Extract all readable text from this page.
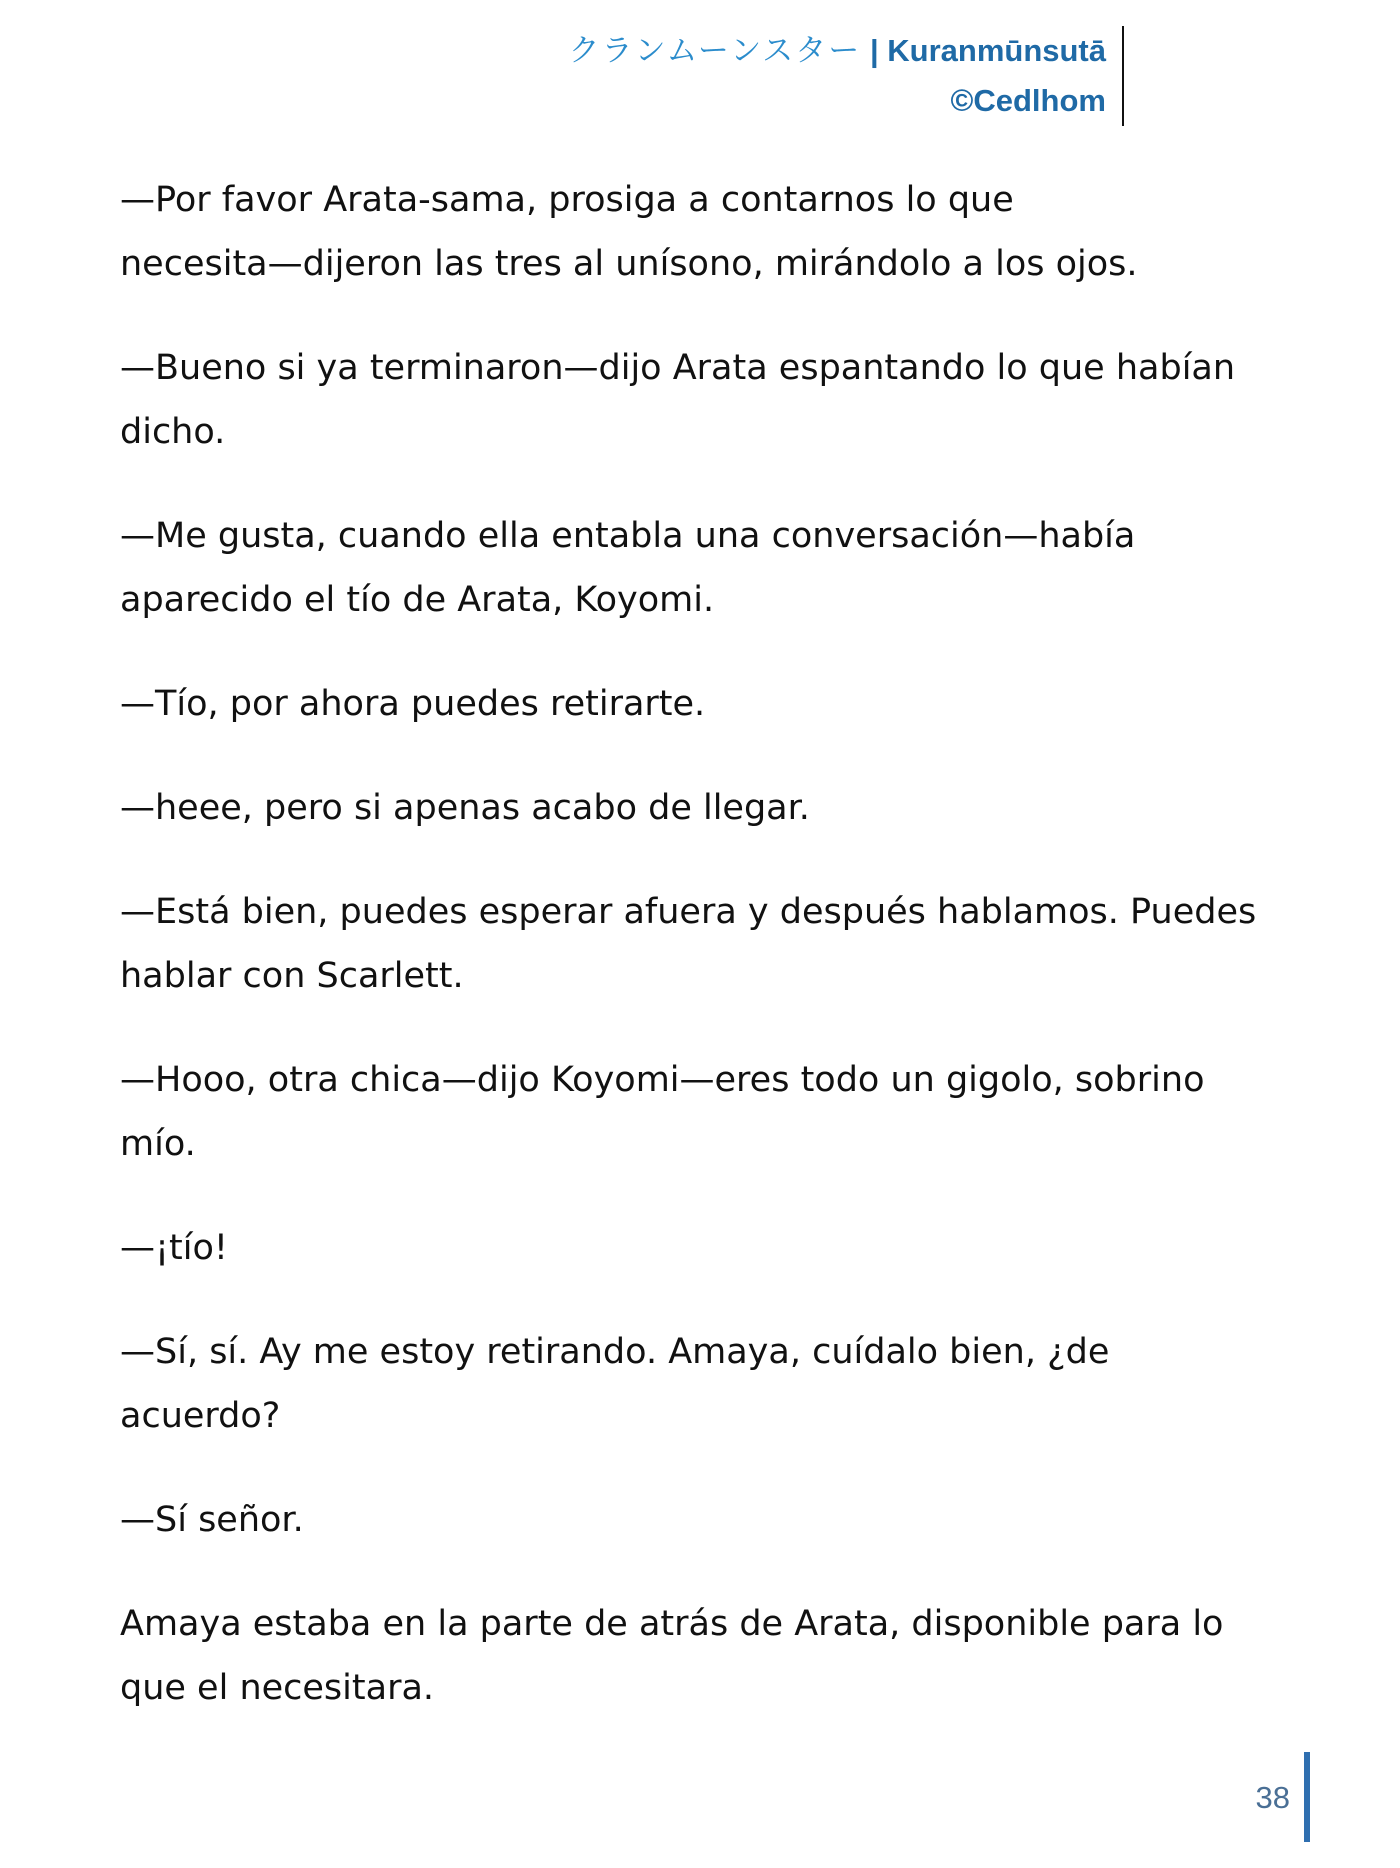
クランムーンスター | Kuranmūnsutā
©Cedlhom

—Por favor Arata-sama, prosiga a contarnos lo que
necesita—dijeron las tres al unísono, mirándolo a los ojos.

—Bueno si ya terminaron—dijo Arata espantando lo que habían
dicho.

—Me gusta, cuando ella entabla una conversación—había
aparecido el tío de Arata, Koyomi.

—Tío, por ahora puedes retirarte.

—heee, pero si apenas acabo de llegar.

—Está bien, puedes esperar afuera y después hablamos. Puedes
hablar con Scarlett.

—Hooo, otra chica—dijo Koyomi—eres todo un gigolo, sobrino
mío.

—¡tío!

—Sí, sí. Ay me estoy retirando. Amaya, cuídalo bien, ¿de
acuerdo?

—Sí señor.

Amaya estaba en la parte de atrás de Arata, disponible para lo
que el necesitara.

38
